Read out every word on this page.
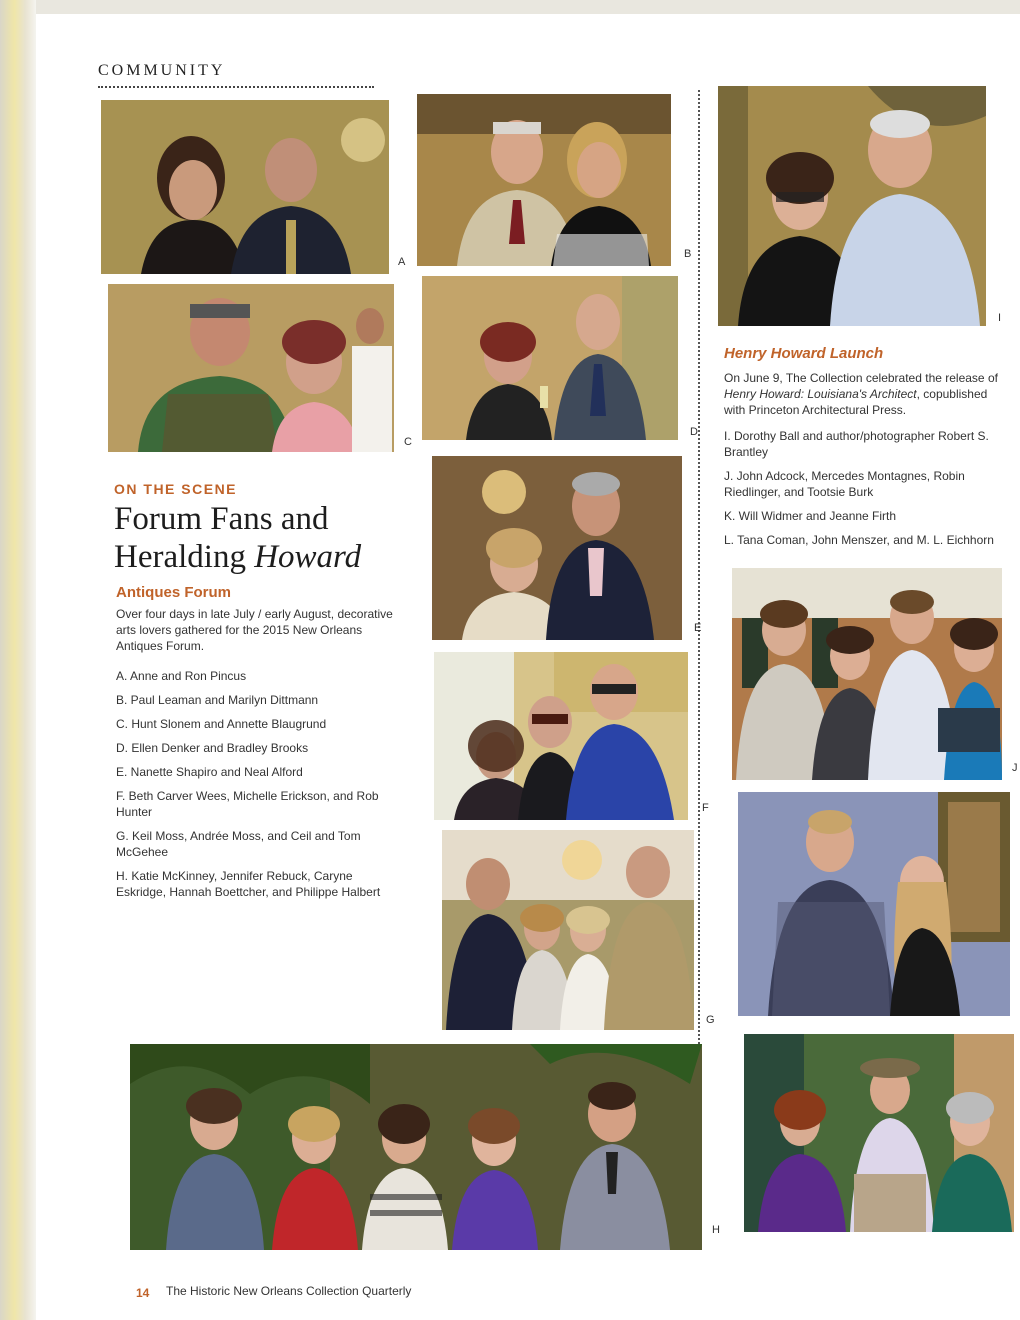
COMMUNITY
A
B
C
D
E
F
G
H
I
Henry Howard Launch
On June 9, The Collection celebrated the release of Henry Howard: Louisiana's Architect, copublished with Princeton Architectural Press.

I. Dorothy Ball and author/photographer Robert S. Brantley

J. John Adcock, Mercedes Montagnes, Robin Riedlinger, and Tootsie Burk

K. Will Widmer and Jeanne Firth

L. Tana Coman, John Menszer, and M. L. Eichhorn

J
ON THE SCENE
Forum Fans and Heralding Howard
Antiques Forum
Over four days in late July / early August, decorative arts lovers gathered for the 2015 New Orleans Antiques Forum.

A. Anne and Ron Pincus

B. Paul Leaman and Marilyn Dittmann

C. Hunt Slonem and Annette Blaugrund

D. Ellen Denker and Bradley Brooks

E. Nanette Shapiro and Neal Alford

F. Beth Carver Wees, Michelle Erickson, and Rob Hunter

G. Keil Moss, Andrée Moss, and Ceil and Tom McGehee

H. Katie McKinney, Jennifer Rebuck, Caryne Eskridge, Hannah Boettcher, and Philippe Halbert

14 The Historic New Orleans Collection Quarterly
